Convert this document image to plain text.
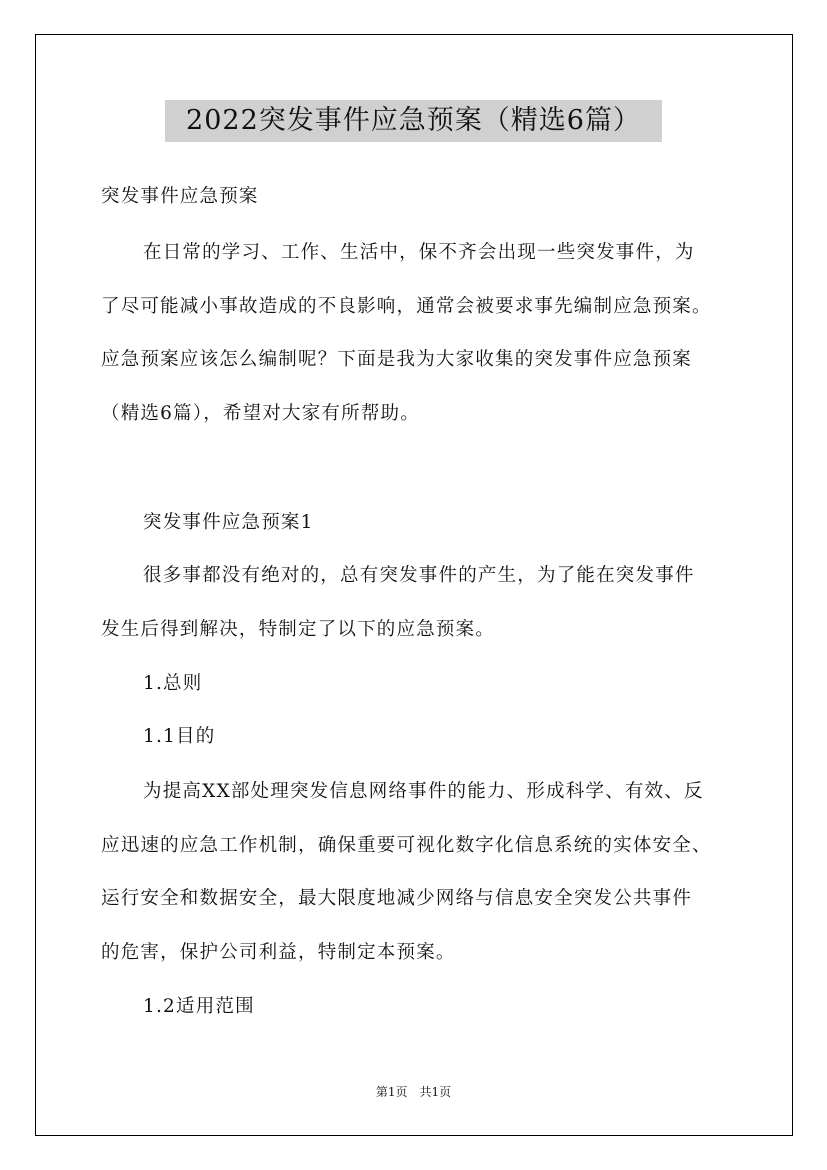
2022突发事件应急预案（精选6篇）
突发事件应急预案
在日常的学习、工作、生活中，保不齐会出现一些突发事件，为
了尽可能减小事故造成的不良影响，通常会被要求事先编制应急预案。
应急预案应该怎么编制呢？下面是我为大家收集的突发事件应急预案
（精选6篇），希望对大家有所帮助。
突发事件应急预案1
很多事都没有绝对的，总有突发事件的产生，为了能在突发事件
发生后得到解决，特制定了以下的应急预案。
1.总则
1.1目的
为提高XX部处理突发信息网络事件的能力、形成科学、有效、反
应迅速的应急工作机制，确保重要可视化数字化信息系统的实体安全、
运行安全和数据安全，最大限度地减少网络与信息安全突发公共事件
的危害，保护公司利益，特制定本预案。
1.2适用范围
第1页　共1页
